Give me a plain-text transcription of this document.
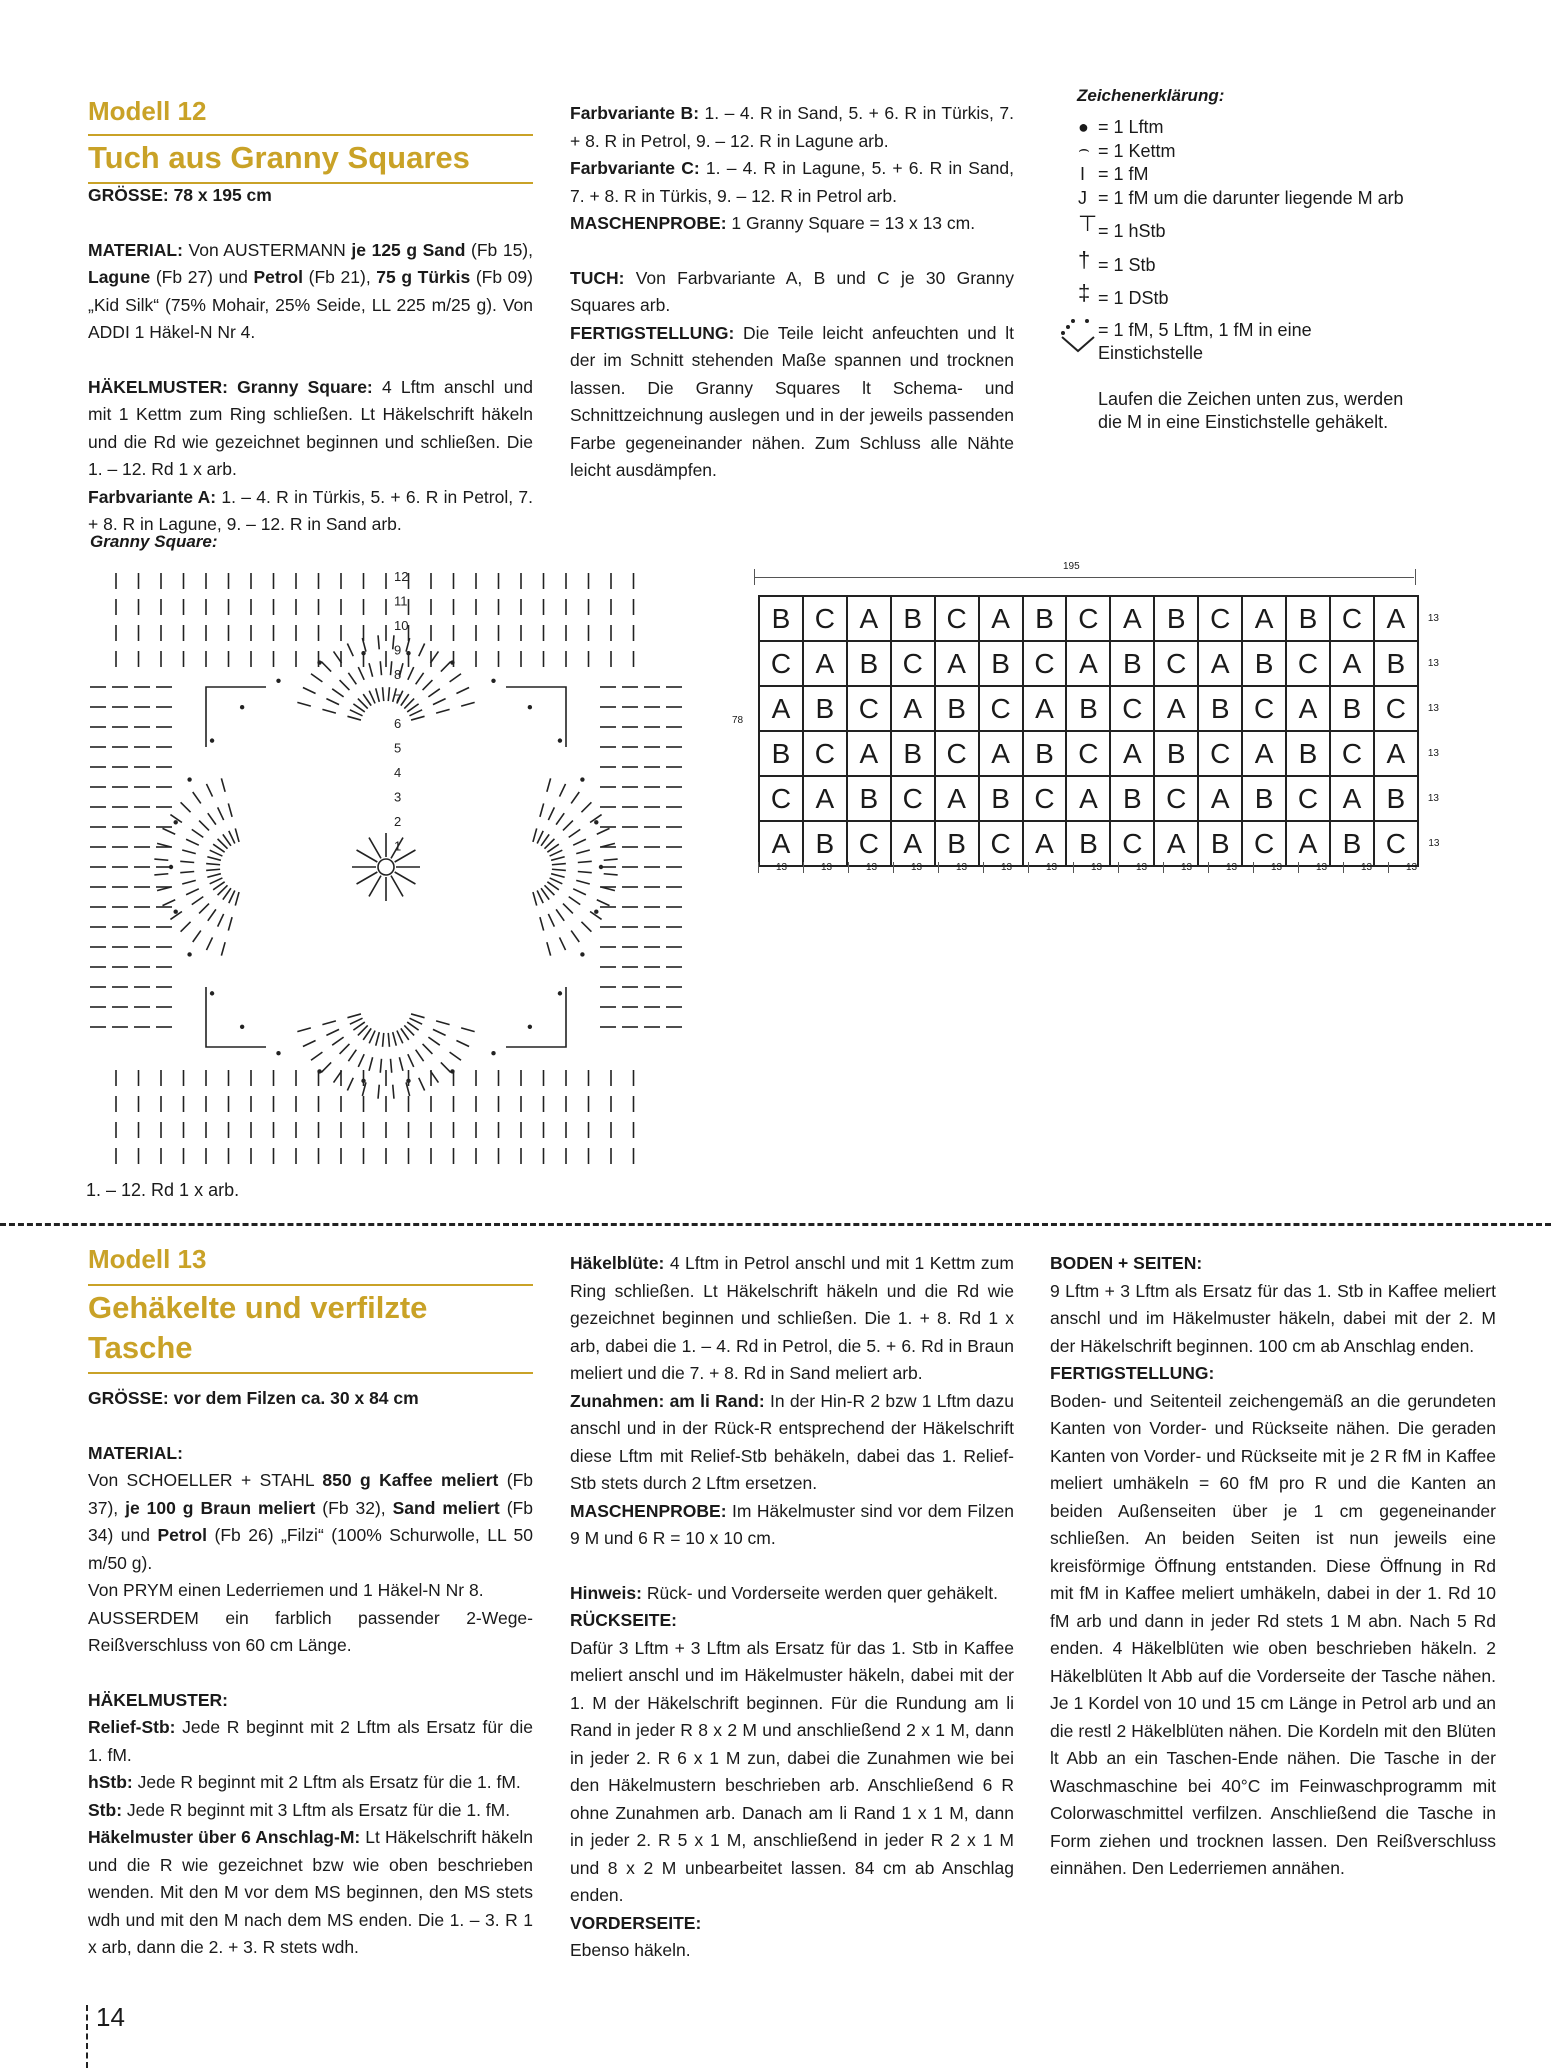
Modell 12
Tuch aus Granny Squares

GRÖSSE: 78 x 195 cm

MATERIAL: Von AUSTERMANN je 125 g Sand (Fb 15), Lagune (Fb 27) und Petrol (Fb 21), 75 g Türkis (Fb 09) „Kid Silk“ (75% Mohair, 25% Seide, LL 225 m/25 g). Von ADDI 1 Häkel-N Nr 4.

HÄKELMUSTER: Granny Square: 4 Lftm anschl und mit 1 Kettm zum Ring schließen. Lt Häkelschrift häkeln und die Rd wie gezeichnet beginnen und schließen. Die 1. – 12. Rd 1 x arb.

Farbvariante A: 1. – 4. R in Türkis, 5. + 6. R in Petrol, 7. + 8. R in Lagune, 9. – 12. R in Sand arb.

Farbvariante B: 1. – 4. R in Sand, 5. + 6. R in Türkis, 7. + 8. R in Petrol, 9. – 12. R in Lagune arb.

Farbvariante C: 1. – 4. R in Lagune, 5. + 6. R in Sand, 7. + 8. R in Türkis, 9. – 12. R in Petrol arb.

MASCHENPROBE: 1 Granny Square = 13 x 13 cm.

TUCH: Von Farbvariante A, B und C je 30 Granny Squares arb.

FERTIGSTELLUNG: Die Teile leicht anfeuchten und lt der im Schnitt stehenden Maße spannen und trocknen lassen. Die Granny Squares lt Schema- und Schnittzeichnung auslegen und in der jeweils passenden Farbe gegeneinander nähen. Zum Schluss alle Nähte leicht ausdämpfen.

Zeichenerklärung:
● = 1 Lftm
⌢ = 1 Kettm
I = 1 fM
J = 1 fM um die darunter liegende M arb
⊤ = 1 hStb
† = 1 Stb
‡ = 1 DStb
= 1 fM, 5 Lftm, 1 fM in eine Einstichstelle
Laufen die Zeichen unten zus, werden die M in eine Einstichstelle gehäkelt.
Granny Square:
12
11
10
9
8
7
6
5
4
3
2
1
1. – 12. Rd 1 x arb.
195
78
B	C	A	B	C	A	B	C	A	B	C	A	B	C	A	13
C	A	B	C	A	B	C	A	B	C	A	B	C	A	B	13
A	B	C	A	B	C	A	B	C	A	B	C	A	B	C	13
B	C	A	B	C	A	B	C	A	B	C	A	B	C	A	13
C	A	B	C	A	B	C	A	B	C	A	B	C	A	B	13
A	B	C	A	B	C	A	B	C	A	B	C	A	B	C	13
13	13	13	13	13	13	13	13	13	13	13	13	13	13	13
Modell 13
Gehäkelte und verfilzte Tasche

GRÖSSE: vor dem Filzen ca. 30 x 84 cm

MATERIAL:

Von SCHOELLER + STAHL 850 g Kaffee meliert (Fb 37), je 100 g Braun meliert (Fb 32), Sand meliert (Fb 34) und Petrol (Fb 26) „Filzi“ (100% Schurwolle, LL 50 m/50 g).

Von PRYM einen Lederriemen und 1 Häkel-N Nr 8.

AUSSERDEM ein farblich passender 2-Wege-Reißverschluss von 60 cm Länge.

HÄKELMUSTER:

Relief-Stb: Jede R beginnt mit 2 Lftm als Ersatz für die 1. fM.

hStb: Jede R beginnt mit 2 Lftm als Ersatz für die 1. fM.

Stb: Jede R beginnt mit 3 Lftm als Ersatz für die 1. fM.

Häkelmuster über 6 Anschlag-M: Lt Häkelschrift häkeln und die R wie gezeichnet bzw wie oben beschrieben wenden. Mit den M vor dem MS beginnen, den MS stets wdh und mit den M nach dem MS enden. Die 1. – 3. R 1 x arb, dann die 2. + 3. R stets wdh.

Häkelblüte: 4 Lftm in Petrol anschl und mit 1 Kettm zum Ring schließen. Lt Häkelschrift häkeln und die Rd wie gezeichnet beginnen und schließen. Die 1. + 8. Rd 1 x arb, dabei die 1. – 4. Rd in Petrol, die 5. + 6. Rd in Braun meliert und die 7. + 8. Rd in Sand meliert arb.

Zunahmen: am li Rand: In der Hin-R 2 bzw 1 Lftm dazu anschl und in der Rück-R entsprechend der Häkelschrift diese Lftm mit Relief-Stb behäkeln, dabei das 1. Relief-Stb stets durch 2 Lftm ersetzen.

MASCHENPROBE: Im Häkelmuster sind vor dem Filzen 9 M und 6 R = 10 x 10 cm.

Hinweis: Rück- und Vorderseite werden quer gehäkelt.

RÜCKSEITE:

Dafür 3 Lftm + 3 Lftm als Ersatz für das 1. Stb in Kaffee meliert anschl und im Häkelmuster häkeln, dabei mit der 1. M der Häkelschrift beginnen. Für die Rundung am li Rand in jeder R 8 x 2 M und anschließend 2 x 1 M, dann in jeder 2. R 6 x 1 M zun, dabei die Zunahmen wie bei den Häkelmustern beschrieben arb. Anschließend 6 R ohne Zunahmen arb. Danach am li Rand 1 x 1 M, dann in jeder 2. R 5 x 1 M, anschließend in jeder R 2 x 1 M und 8 x 2 M unbearbeitet lassen. 84 cm ab Anschlag enden.

VORDERSEITE:

Ebenso häkeln.

BODEN + SEITEN:

9 Lftm + 3 Lftm als Ersatz für das 1. Stb in Kaffee meliert anschl und im Häkelmuster häkeln, dabei mit der 2. M der Häkelschrift beginnen. 100 cm ab Anschlag enden.

FERTIGSTELLUNG:

Boden- und Seitenteil zeichengemäß an die gerundeten Kanten von Vorder- und Rückseite nähen. Die geraden Kanten von Vorder- und Rückseite mit je 2 R fM in Kaffee meliert umhäkeln = 60 fM pro R und die Kanten an beiden Außenseiten über je 1 cm gegeneinander schließen. An beiden Seiten ist nun jeweils eine kreisförmige Öffnung entstanden. Diese Öffnung in Rd mit fM in Kaffee meliert umhäkeln, dabei in der 1. Rd 10 fM arb und dann in jeder Rd stets 1 M abn. Nach 5 Rd enden. 4 Häkelblüten wie oben beschrieben häkeln. 2 Häkelblüten lt Abb auf die Vorderseite der Tasche nähen. Je 1 Kordel von 10 und 15 cm Länge in Petrol arb und an die restl 2 Häkelblüten nähen. Die Kordeln mit den Blüten lt Abb an ein Taschen-Ende nähen. Die Tasche in der Waschmaschine bei 40°C im Feinwaschprogramm mit Colorwaschmittel verfilzen. Anschließend die Tasche in Form ziehen und trocknen lassen. Den Reißverschluss einnähen. Den Lederriemen annähen.

14
